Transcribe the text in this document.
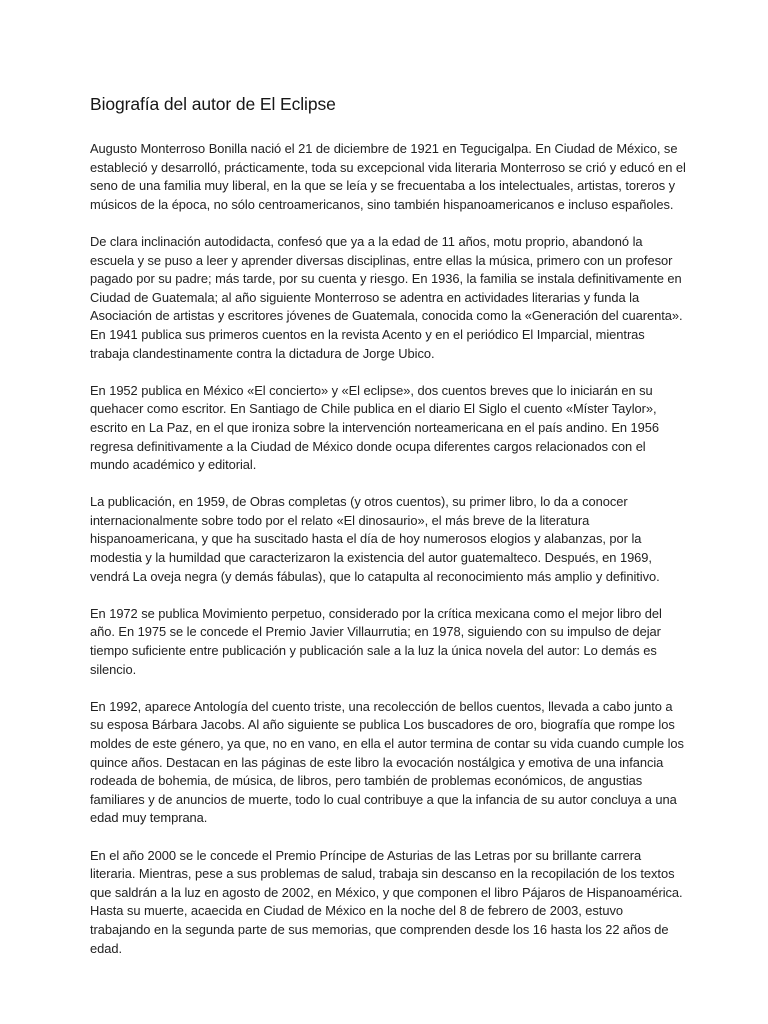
Biografía del autor de El Eclipse

Augusto Monterroso Bonilla nació el 21 de diciembre de 1921 en Tegucigalpa. En Ciudad de México, se estableció y desarrolló, prácticamente, toda su excepcional vida literaria Monterroso se crió y educó en el seno de una familia muy liberal, en la que se leía y se frecuentaba a los intelectuales, artistas, toreros y músicos de la época, no sólo centroamericanos, sino también hispanoamericanos e incluso españoles.

De clara inclinación autodidacta, confesó que ya a la edad de 11 años, motu proprio, abandonó la escuela y se puso a leer y aprender diversas disciplinas, entre ellas la música, primero con un profesor pagado por su padre; más tarde, por su cuenta y riesgo. En 1936, la familia se instala definitivamente en Ciudad de Guatemala; al año siguiente Monterroso se adentra en actividades literarias y funda la Asociación de artistas y escritores jóvenes de Guatemala, conocida como la «Generación del cuarenta». En 1941 publica sus primeros cuentos en la revista Acento y en el periódico El Imparcial, mientras trabaja clandestinamente contra la dictadura de Jorge Ubico.

En 1952 publica en México «El concierto» y «El eclipse», dos cuentos breves que lo iniciarán en su quehacer como escritor. En Santiago de Chile publica en el diario El Siglo el cuento «Míster Taylor», escrito en La Paz, en el que ironiza sobre la intervención norteamericana en el país andino. En 1956 regresa definitivamente a la Ciudad de México donde ocupa diferentes cargos relacionados con el mundo académico y editorial.

La publicación, en 1959, de Obras completas (y otros cuentos), su primer libro, lo da a conocer internacionalmente sobre todo por el relato «El dinosaurio», el más breve de la literatura hispanoamericana, y que ha suscitado hasta el día de hoy numerosos elogios y alabanzas, por la modestia y la humildad que caracterizaron la existencia del autor guatemalteco. Después, en 1969, vendrá La oveja negra (y demás fábulas), que lo catapulta al reconocimiento más amplio y definitivo.

En 1972 se publica Movimiento perpetuo, considerado por la crítica mexicana como el mejor libro del año. En 1975 se le concede el Premio Javier Villaurrutia; en 1978, siguiendo con su impulso de dejar tiempo suficiente entre publicación y publicación sale a la luz la única novela del autor: Lo demás es silencio.

En 1992, aparece Antología del cuento triste, una recolección de bellos cuentos, llevada a cabo junto a su esposa Bárbara Jacobs. Al año siguiente se publica Los buscadores de oro, biografía que rompe los moldes de este género, ya que, no en vano, en ella el autor termina de contar su vida cuando cumple los quince años. Destacan en las páginas de este libro la evocación nostálgica y emotiva de una infancia rodeada de bohemia, de música, de libros, pero también de problemas económicos, de angustias familiares y de anuncios de muerte, todo lo cual contribuye a que la infancia de su autor concluya a una edad muy temprana.

En el año 2000 se le concede el Premio Príncipe de Asturias de las Letras por su brillante carrera literaria. Mientras, pese a sus problemas de salud, trabaja sin descanso en la recopilación de los textos que saldrán a la luz en agosto de 2002, en México, y que componen el libro Pájaros de Hispanoamérica. Hasta su muerte, acaecida en Ciudad de México en la noche del 8 de febrero de 2003, estuvo trabajando en la segunda parte de sus memorias, que comprenden desde los 16 hasta los 22 años de edad.
